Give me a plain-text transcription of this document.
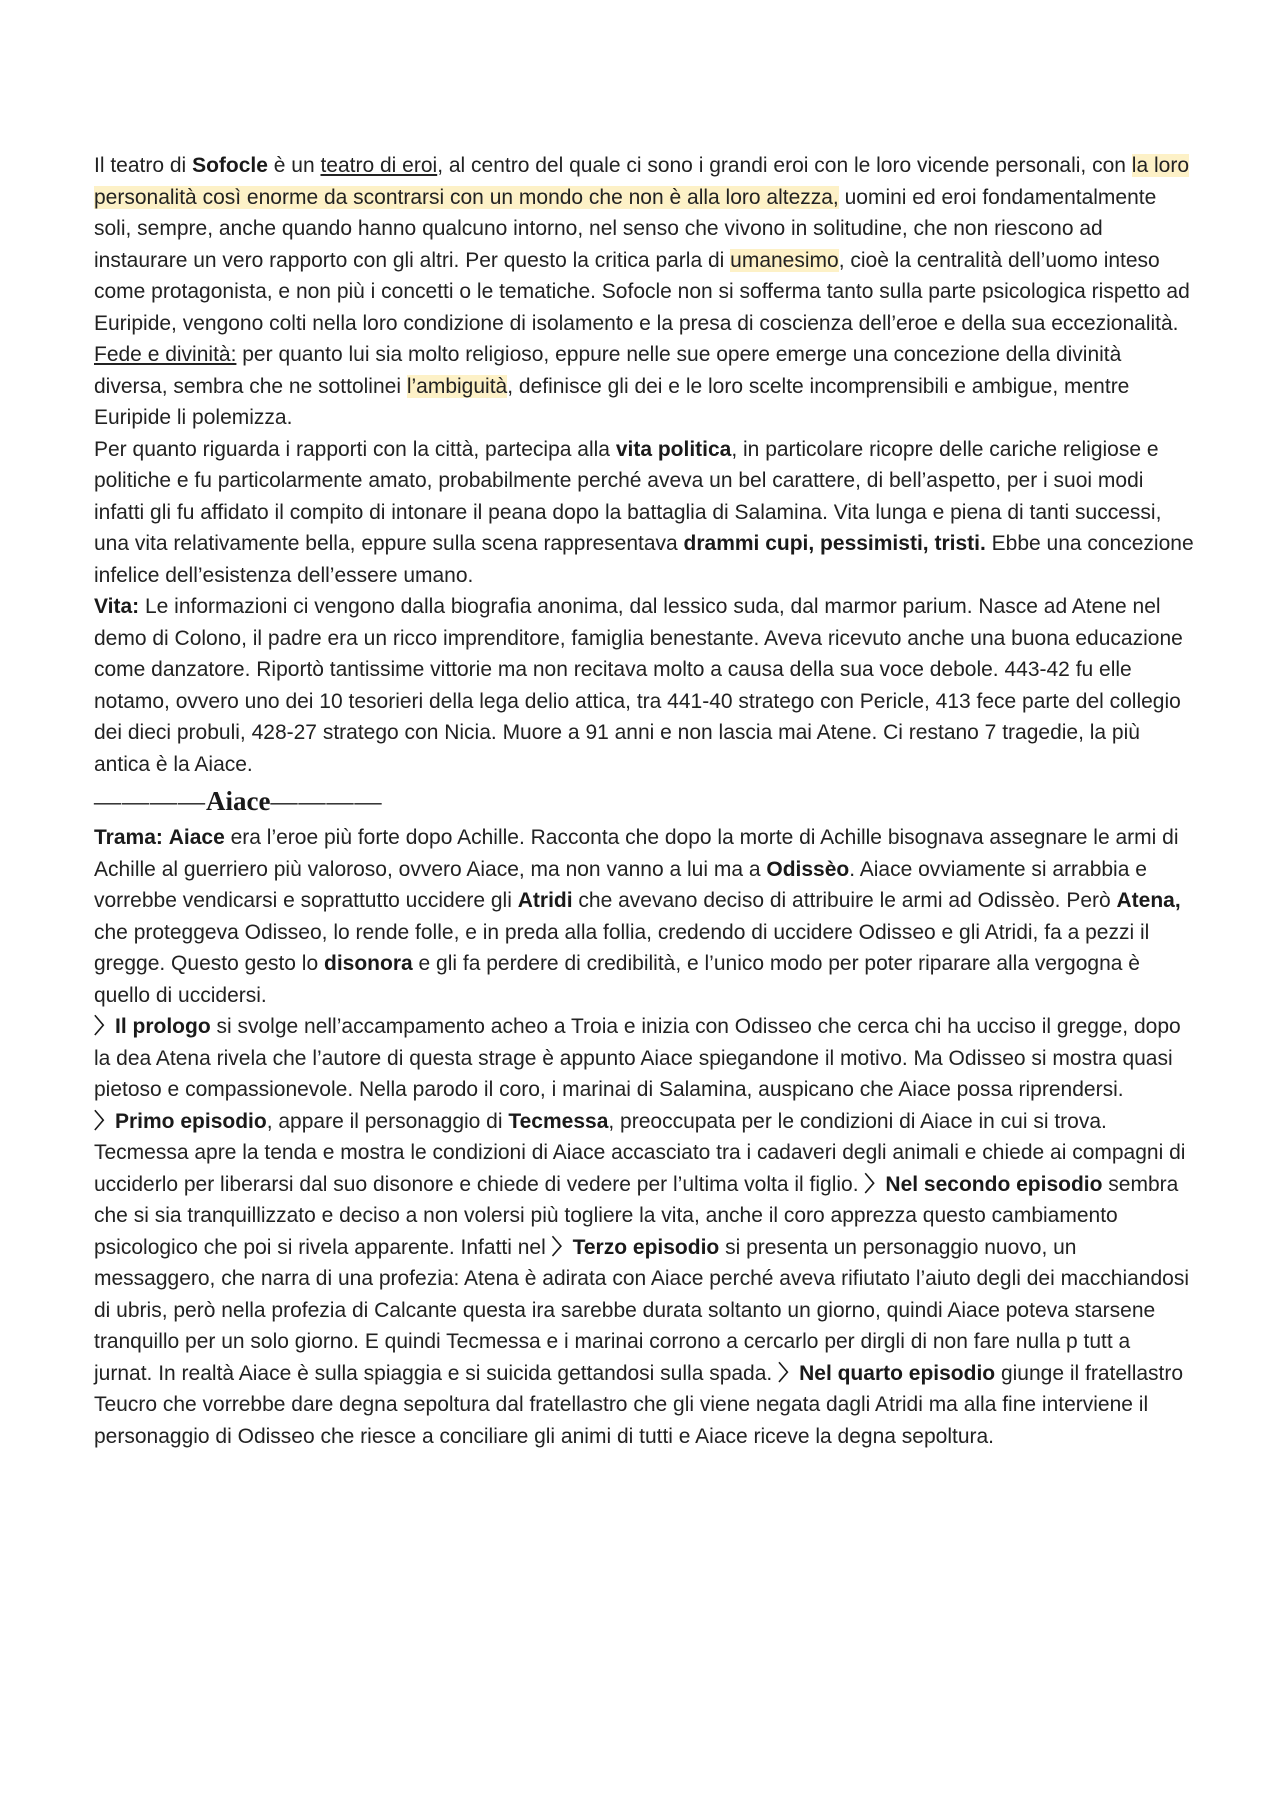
Il teatro di Sofocle è un teatro di eroi, al centro del quale ci sono i grandi eroi con le loro vicende personali, con la loro personalità così enorme da scontrarsi con un mondo che non è alla loro altezza, uomini ed eroi fondamentalmente soli, sempre, anche quando hanno qualcuno intorno, nel senso che vivono in solitudine, che non riescono ad instaurare un vero rapporto con gli altri. Per questo la critica parla di umanesimo, cioè la centralità dell’uomo inteso come protagonista, e non più i concetti o le tematiche. Sofocle non si sofferma tanto sulla parte psicologica rispetto ad Euripide, vengono colti nella loro condizione di isolamento e la presa di coscienza dell’eroe e della sua eccezionalità.

Fede e divinità: per quanto lui sia molto religioso, eppure nelle sue opere emerge una concezione della divinità diversa, sembra che ne sottolinei l’ambiguità, definisce gli dei e le loro scelte incomprensibili e ambigue, mentre Euripide li polemizza.

Per quanto riguarda i rapporti con la città, partecipa alla vita politica, in particolare ricopre delle cariche religiose e politiche e fu particolarmente amato, probabilmente perché aveva un bel carattere, di bell’aspetto, per i suoi modi infatti gli fu affidato il compito di intonare il peana dopo la battaglia di Salamina. Vita lunga e piena di tanti successi, una vita relativamente bella, eppure sulla scena rappresentava drammi cupi, pessimisti, tristi. Ebbe una concezione infelice dell’esistenza dell’essere umano.

Vita: Le informazioni ci vengono dalla biografia anonima, dal lessico suda, dal marmor parium. Nasce ad Atene nel demo di Colono, il padre era un ricco imprenditore, famiglia benestante. Aveva ricevuto anche una buona educazione come danzatore. Riportò tantissime vittorie ma non recitava molto a causa della sua voce debole. 443-42 fu elle notamo, ovvero uno dei 10 tesorieri della lega delio attica, tra 441-40 stratego con Pericle, 413 fece parte del collegio dei dieci probuli, 428-27 stratego con Nicia. Muore a 91 anni e non lascia mai Atene. Ci restano 7 tragedie, la più antica è la Aiace.

————Aiace————

Trama: Aiace era l’eroe più forte dopo Achille. Racconta che dopo la morte di Achille bisognava assegnare le armi di Achille al guerriero più valoroso, ovvero Aiace, ma non vanno a lui ma a Odissèo. Aiace ovviamente si arrabbia e vorrebbe vendicarsi e soprattutto uccidere gli Atridi che avevano deciso di attribuire le armi ad Odissèo. Però Atena, che proteggeva Odisseo, lo rende folle, e in preda alla follia, credendo di uccidere Odisseo e gli Atridi, fa a pezzi il gregge. Questo gesto lo disonora e gli fa perdere di credibilità, e l’unico modo per poter riparare alla vergogna è quello di uccidersi.

〉Il prologo si svolge nell’accampamento acheo a Troia e inizia con Odisseo che cerca chi ha ucciso il gregge, dopo la dea Atena rivela che l’autore di questa strage è appunto Aiace spiegandone il motivo. Ma Odisseo si mostra quasi pietoso e compassionevole. Nella parodo il coro, i marinai di Salamina, auspicano che Aiace possa riprendersi.

〉Primo episodio, appare il personaggio di Tecmessa, preoccupata per le condizioni di Aiace in cui si trova. Tecmessa apre la tenda e mostra le condizioni di Aiace accasciato tra i cadaveri degli animali e chiede ai compagni di ucciderlo per liberarsi dal suo disonore e chiede di vedere per l’ultima volta il figlio. 〉Nel secondo episodio sembra che si sia tranquillizzato e deciso a non volersi più togliere la vita, anche il coro apprezza questo cambiamento psicologico che poi si rivela apparente. Infatti nel 〉Terzo episodio si presenta un personaggio nuovo, un messaggero, che narra di una profezia: Atena è adirata con Aiace perché aveva rifiutato l’aiuto degli dei macchiandosi di ubris, però nella profezia di Calcante questa ira sarebbe durata soltanto un giorno, quindi Aiace poteva starsene tranquillo per un solo giorno. E quindi Tecmessa e i marinai corrono a cercarlo per dirgli di non fare nulla p tutt a jurnat. In realtà Aiace è sulla spiaggia e si suicida gettandosi sulla spada. 〉Nel quarto episodio giunge il fratellastro Teucro che vorrebbe dare degna sepoltura dal fratellastro che gli viene negata dagli Atridi ma alla fine interviene il personaggio di Odisseo che riesce a conciliare gli animi di tutti e Aiace riceve la degna sepoltura.
